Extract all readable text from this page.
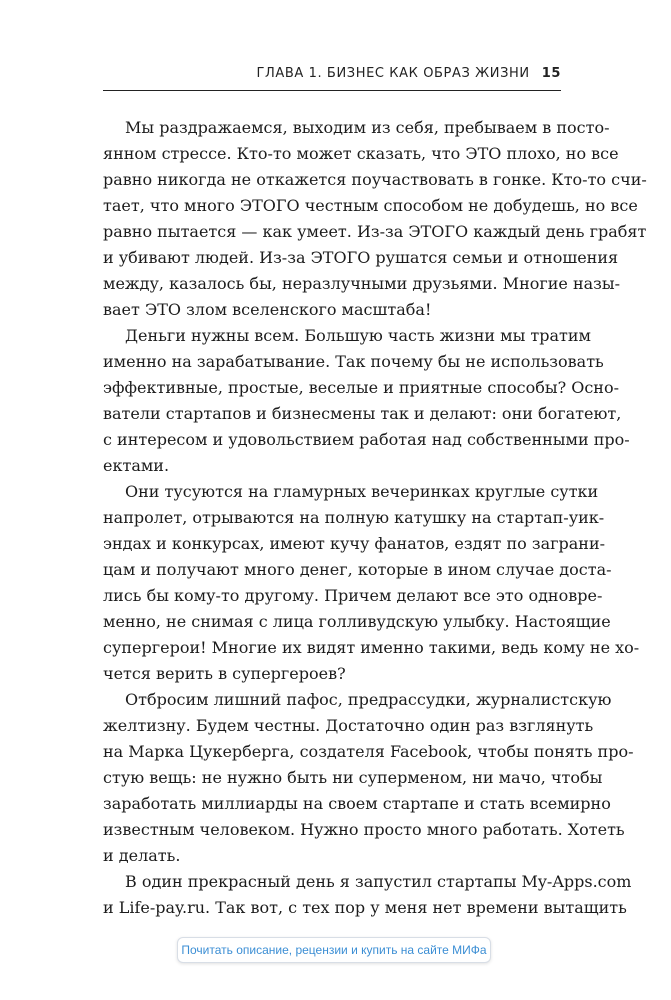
ГЛАВА 1. БИЗНЕС КАК ОБРАЗ ЖИЗНИ 15

Мы раздражаемся, выходим из себя, пребываем в посто-
янном стрессе. Кто-то может сказать, что ЭТО плохо, но все
равно никогда не откажется поучаствовать в гонке. Кто-то счи-
тает, что много ЭТОГО честным способом не добудешь, но все
равно пытается — как умеет. Из-за ЭТОГО каждый день грабят
и убивают людей. Из-за ЭТОГО рушатся семьи и отношения
между, казалось бы, неразлучными друзьями. Многие назы-
вает ЭТО злом вселенского масштаба!

Деньги нужны всем. Большую часть жизни мы тратим
именно на зарабатывание. Так почему бы не использовать
эффективные, простые, веселые и приятные способы? Осно-
ватели стартапов и бизнесмены так и делают: они богатеют,
с интересом и удовольствием работая над собственными про-
ектами.

Они тусуются на гламурных вечеринках круглые сутки
напролет, отрываются на полную катушку на стартап-уик-
эндах и конкурсах, имеют кучу фанатов, ездят по заграни-
цам и получают много денег, которые в ином случае доста-
лись бы кому-то другому. Причем делают все это одновре-
менно, не снимая с лица голливудскую улыбку. Настоящие
супергерои! Многие их видят именно такими, ведь кому не хо-
чется верить в супергероев?

Отбросим лишний пафос, предрассудки, журналистскую
желтизну. Будем честны. Достаточно один раз взглянуть
на Марка Цукерберга, создателя Facebook, чтобы понять про-
стую вещь: не нужно быть ни суперменом, ни мачо, чтобы
заработать миллиарды на своем стартапе и стать всемирно
известным человеком. Нужно просто много работать. Хотеть
и делать.

В один прекрасный день я запустил стартапы My-Apps.com
и Life-pay.ru. Так вот, с тех пор у меня нет времени вытащить

Почитать описание, рецензии и купить на сайте МИФа
